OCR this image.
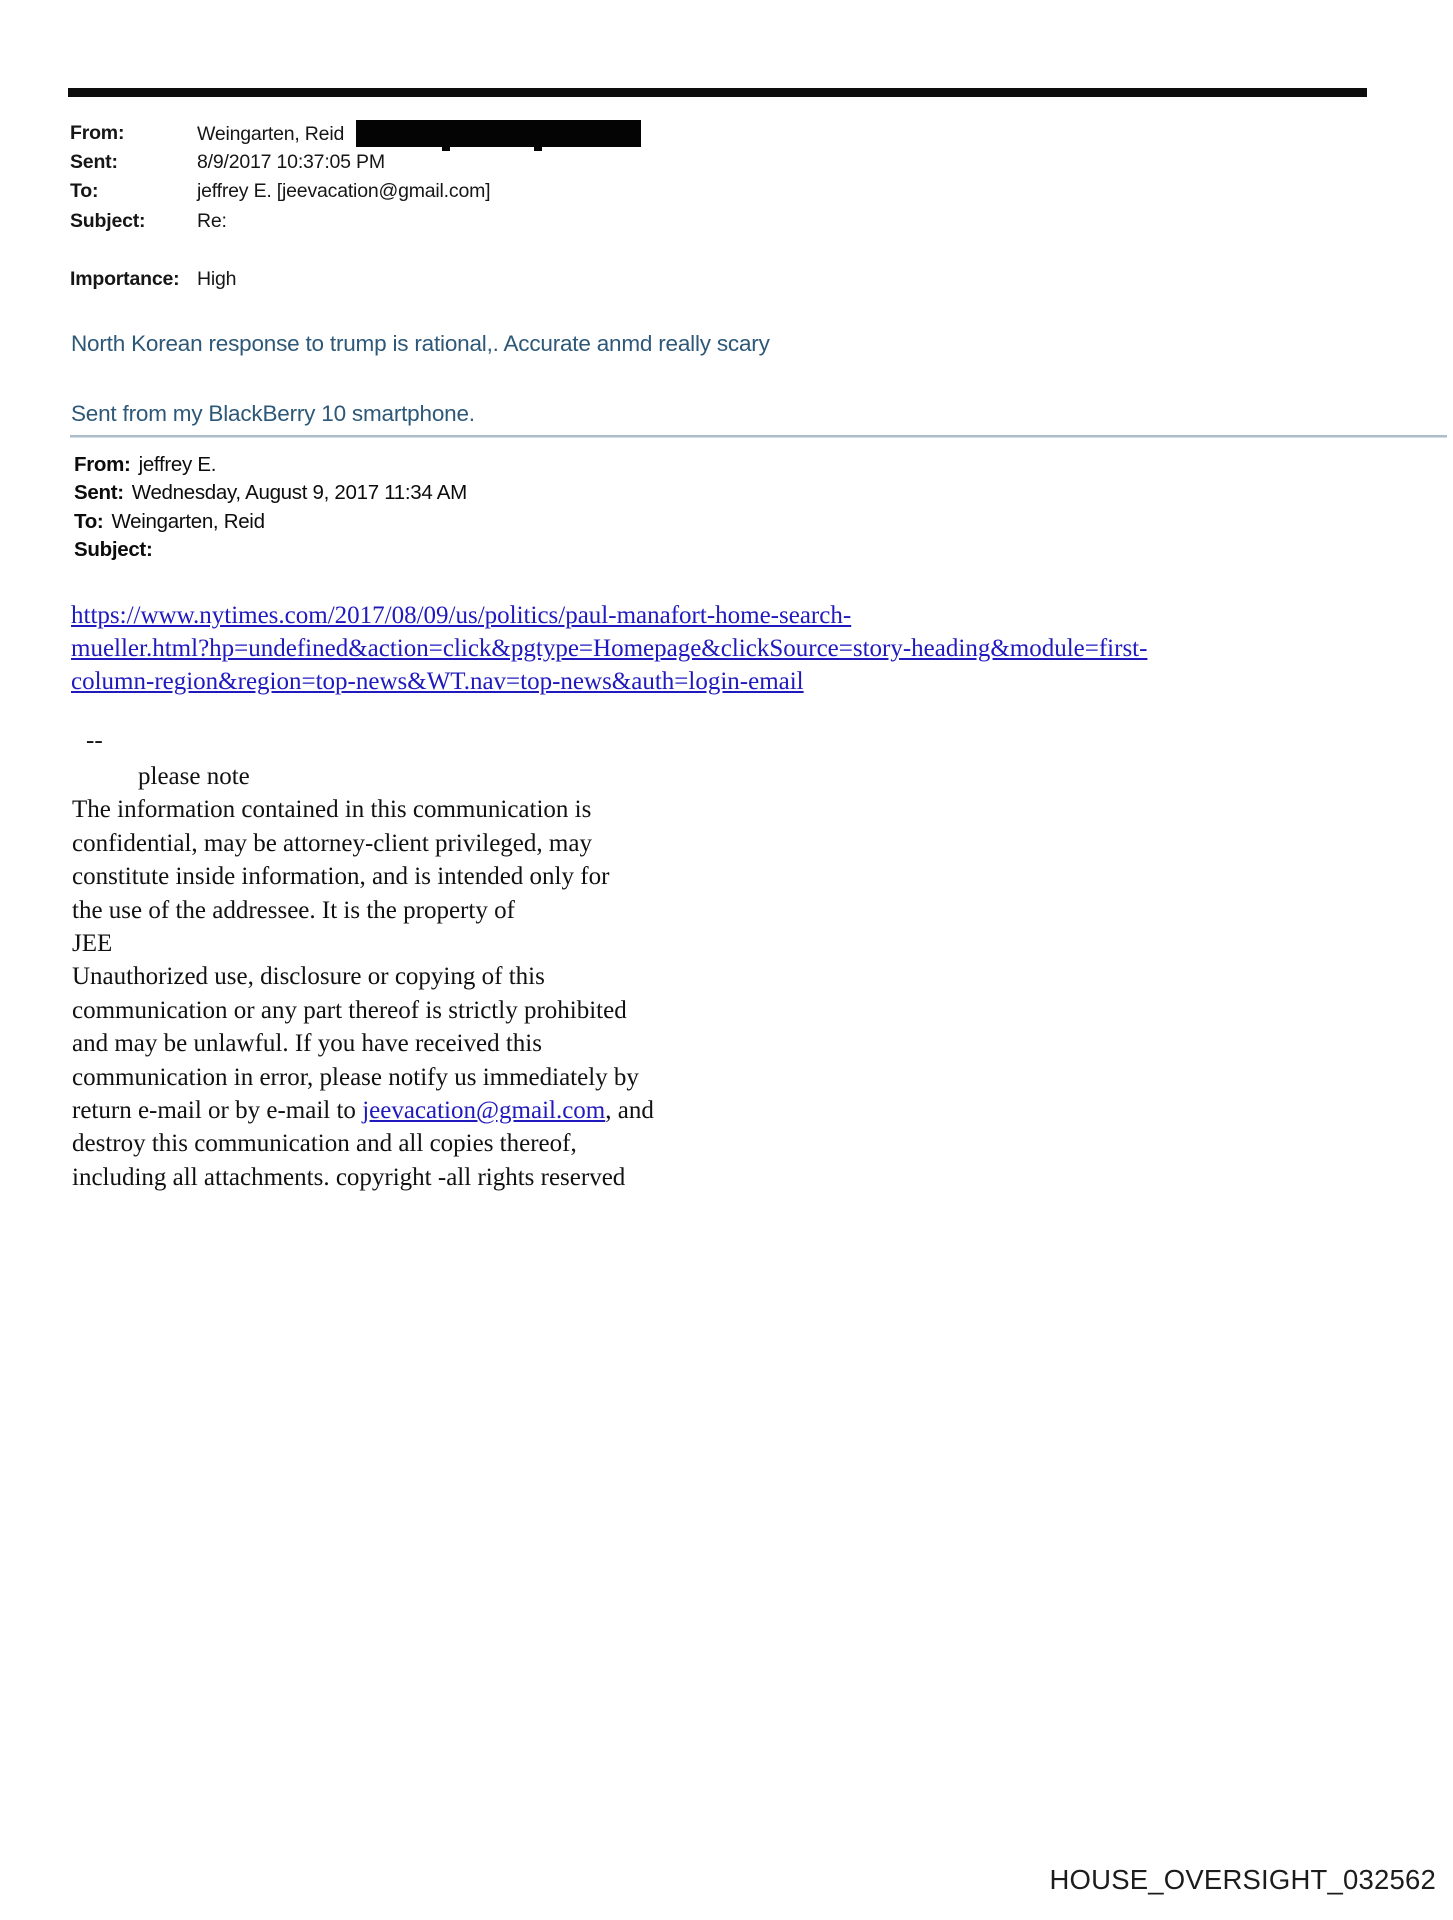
From:	Weingarten, Reid
Sent:	8/9/2017 10:37:05 PM
To:	jeffrey E. [jeevacation@gmail.com]
Subject:	Re:
Importance: High
North Korean response to trump is rational,. Accurate anmd really scary
Sent from my BlackBerry 10 smartphone.
From: jeffrey E.
Sent: Wednesday, August 9, 2017 11:34 AM
To: Weingarten, Reid
Subject:
https://www.nytimes.com/2017/08/09/us/politics/paul-manafort-home-search-
mueller.html?hp=undefined&action=click&pgtype=Homepage&clickSource=story-heading&module=first-
column-region&region=top-news&WT.nav=top-news&auth=login-email
--
please note
The information contained in this communication is
confidential, may be attorney-client privileged, may
constitute inside information, and is intended only for
the use of the addressee. It is the property of
JEE
Unauthorized use, disclosure or copying of this
communication or any part thereof is strictly prohibited
and may be unlawful. If you have received this
communication in error, please notify us immediately by
return e-mail or by e-mail to jeevacation@gmail.com, and
destroy this communication and all copies thereof,
including all attachments. copyright -all rights reserved
HOUSE_OVERSIGHT_032562
